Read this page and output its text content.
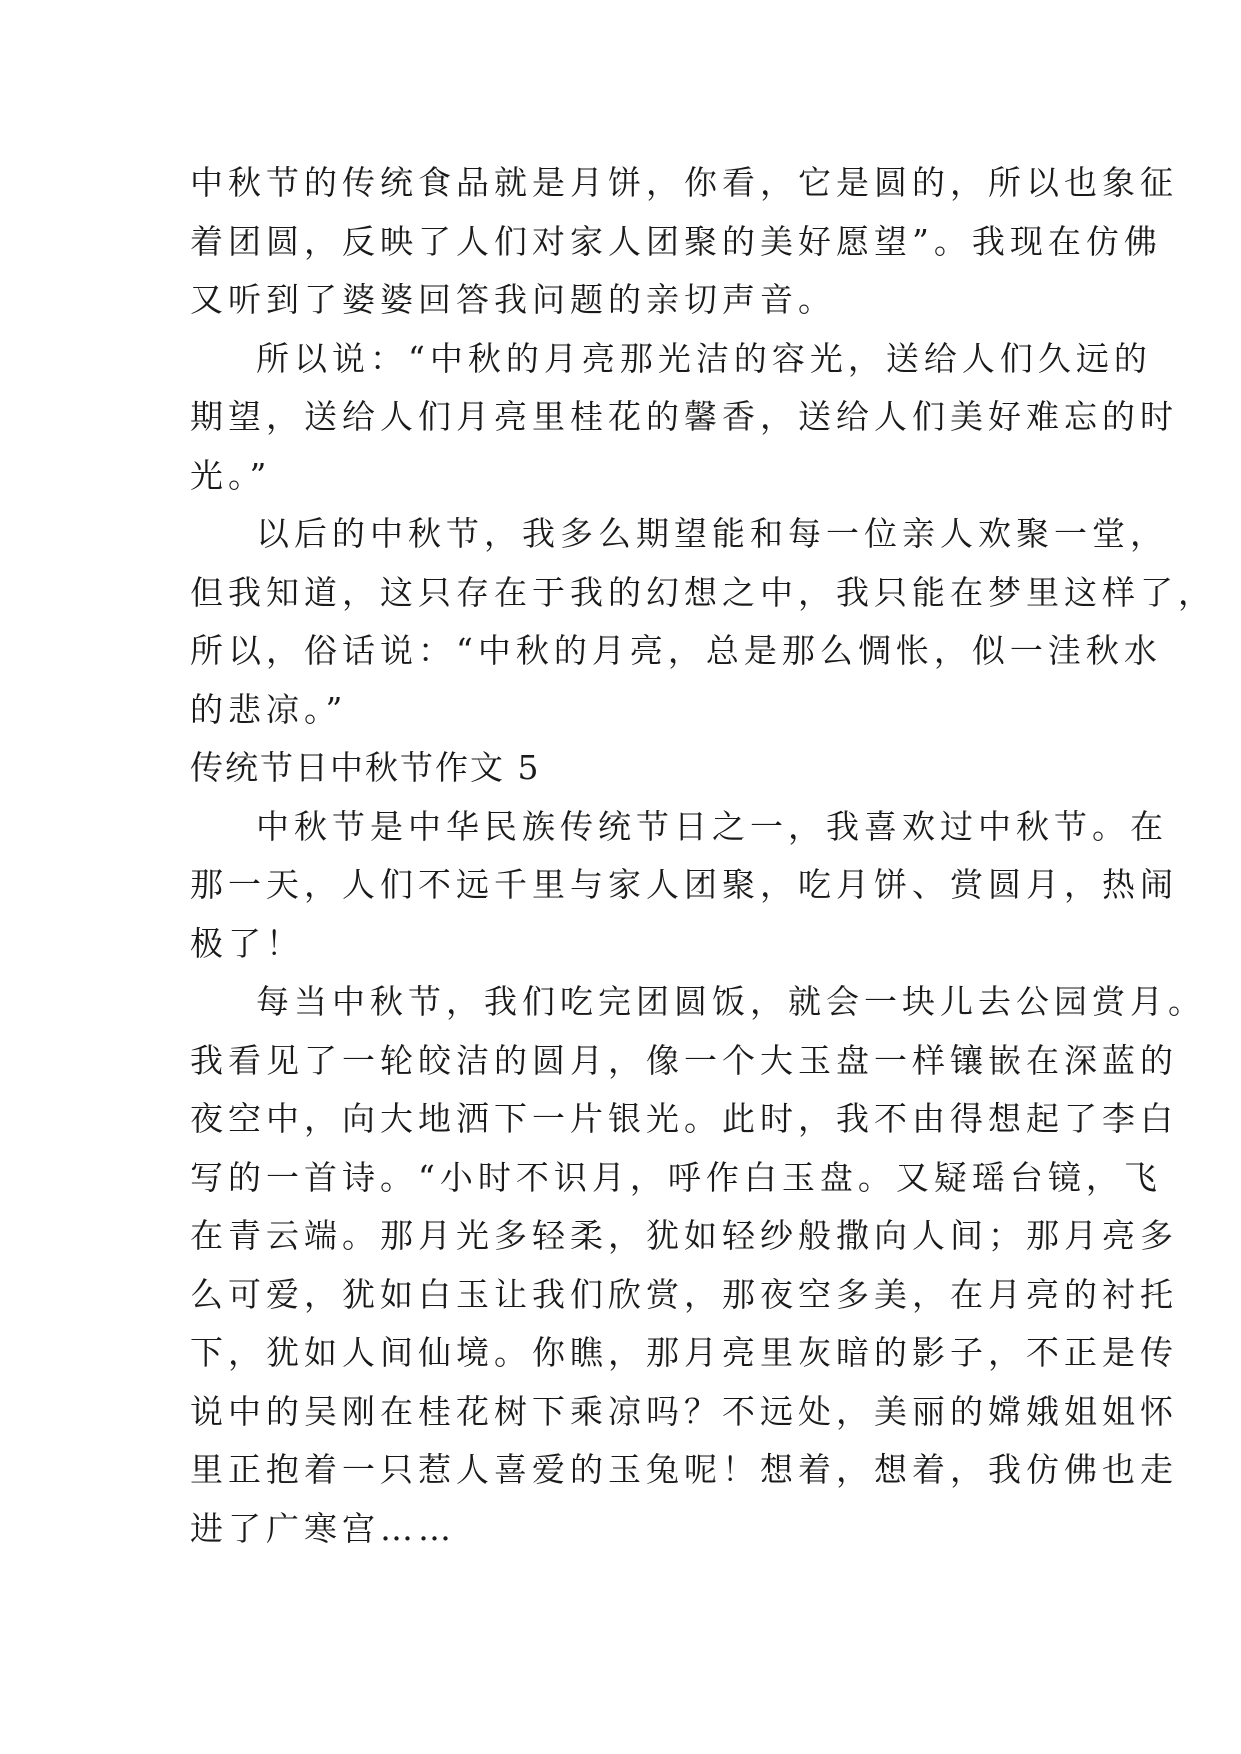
中秋节的传统食品就是月饼，你看，它是圆的，所以也象征
着团圆，反映了人们对家人团聚的美好愿望”。我现在仿佛
又听到了婆婆回答我问题的亲切声音。
所以说：“中秋的月亮那光洁的容光，送给人们久远的
期望，送给人们月亮里桂花的馨香，送给人们美好难忘的时
光。”
以后的中秋节，我多么期望能和每一位亲人欢聚一堂，
但我知道，这只存在于我的幻想之中，我只能在梦里这样了，
所以，俗话说：“中秋的月亮，总是那么惆怅，似一洼秋水
的悲凉。”
传统节日中秋节作文 5
中秋节是中华民族传统节日之一，我喜欢过中秋节。在
那一天，人们不远千里与家人团聚，吃月饼、赏圆月，热闹
极了！
每当中秋节，我们吃完团圆饭，就会一块儿去公园赏月。
我看见了一轮皎洁的圆月，像一个大玉盘一样镶嵌在深蓝的
夜空中，向大地洒下一片银光。此时，我不由得想起了李白
写的一首诗。“小时不识月，呼作白玉盘。又疑瑶台镜，飞
在青云端。那月光多轻柔，犹如轻纱般撒向人间；那月亮多
么可爱，犹如白玉让我们欣赏，那夜空多美，在月亮的衬托
下，犹如人间仙境。你瞧，那月亮里灰暗的影子，不正是传
说中的吴刚在桂花树下乘凉吗？不远处，美丽的嫦娥姐姐怀
里正抱着一只惹人喜爱的玉兔呢！想着，想着，我仿佛也走
进了广寒宫……
